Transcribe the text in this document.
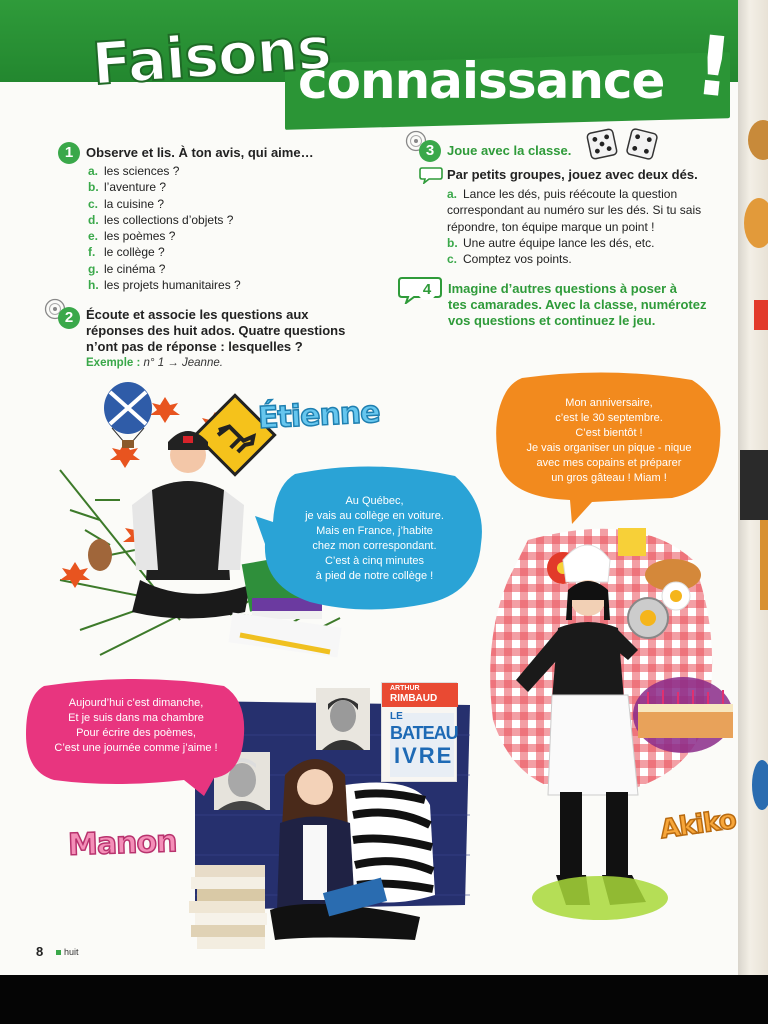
Faisons
connaissance !
1 Observe et lis. À ton avis, qui aime…
a. les sciences ?
b. l’aventure ?
c. la cuisine ?
d. les collections d’objets ?
e. les poèmes ?
f. le collège ?
g. le cinéma ?
h. les projets humanitaires ?
2 Écoute et associe les questions aux
réponses des huit ados. Quatre questions
n’ont pas de réponse : lesquelles ?
Exemple : n° 1 → Jeanne.
3 Joue avec la classe.
Par petits groupes, jouez avec deux dés.
a. Lance les dés, puis réécoute la question
correspondant au numéro sur les dés. Si tu sais
répondre, ton équipe marque un point !
b. Une autre équipe lance les dés, etc.
c. Comptez vos points.
4	Imagine d’autres questions à poser à
tes camarades. Avec la classe, numérotez
vos questions et continuez le jeu.
Étienne
Au Québec,
je vais au collège en voiture.
Mais en France, j’habite
chez mon correspondant.
C’est à cinq minutes
à pied de notre collège !
Mon anniversaire,
c’est le 30 septembre.
C’est bientôt !
Je vais organiser un pique - nique
avec mes copains et préparer
un gros gâteau ! Miam !
Akiko
ARTHUR
RIMBAUD
LE
BATEAU
IVRE
Aujourd’hui c’est dimanche,
Et je suis dans ma chambre
Pour écrire des poèmes,
C’est une journée comme j’aime !
Manon
8 huit
